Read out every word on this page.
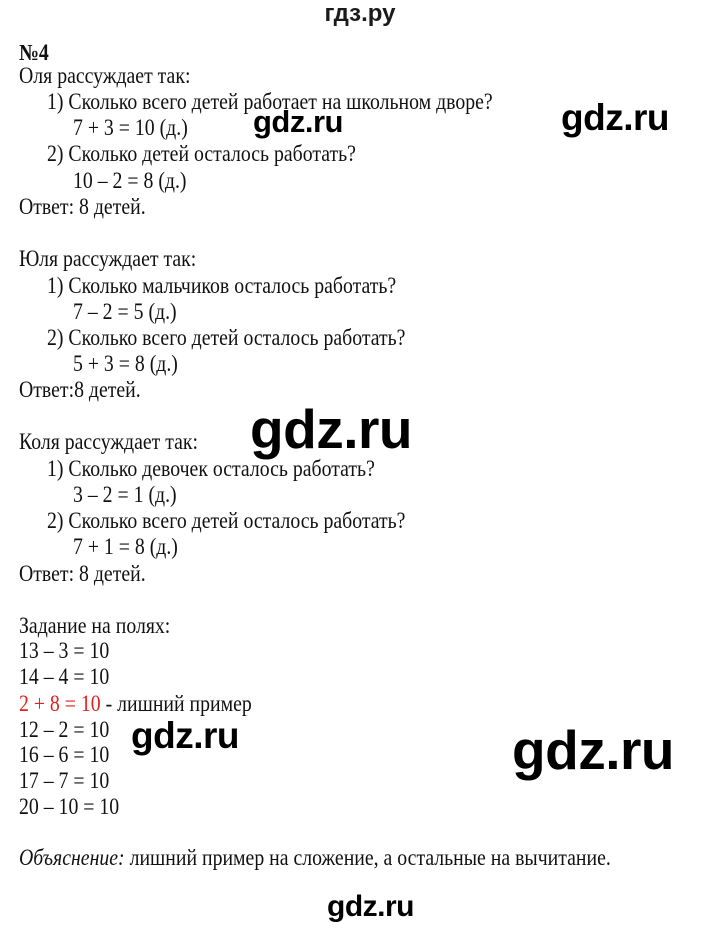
гдз.ру
№4
Оля рассуждает так:
1) Сколько всего детей работает на школьном дворе?
7 + 3 = 10 (д.)
2) Сколько детей осталось работать?
10 – 2 = 8 (д.)
Ответ: 8 детей.
Юля рассуждает так:
1) Сколько мальчиков осталось работать?
7 – 2 = 5 (д.)
2) Сколько всего детей осталось работать?
5 + 3 = 8 (д.)
Ответ:8 детей.
Коля рассуждает так:
1) Сколько девочек осталось работать?
3 – 2 = 1 (д.)
2) Сколько всего детей осталось работать?
7 + 1 = 8 (д.)
Ответ: 8 детей.
Задание на полях:
13 – 3 = 10
14 – 4 = 10
2 + 8 = 10 - лишний пример
12 – 2 = 10
16 – 6 = 10
17 – 7 = 10
20 – 10 = 10
Объяснение: лишний пример на сложение, а остальные на вычитание.
gdz.ru	gdz.ru
gdz.ru
gdz.ru	gdz.ru
gdz.ru
